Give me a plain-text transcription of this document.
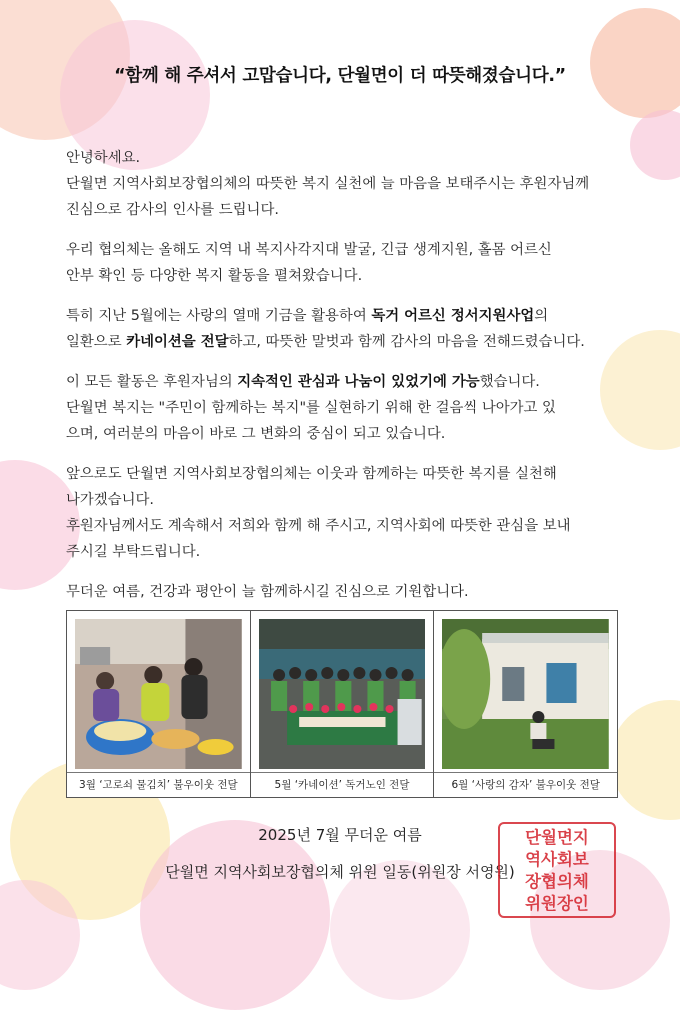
“함께 해 주셔서 고맙습니다, 단월면이 더 따뜻해졌습니다.”

안녕하세요.

단월면 지역사회보장협의체의 따뜻한 복지 실천에 늘 마음을 보태주시는 후원자님께
진심으로 감사의 인사를 드립니다.

우리 협의체는 올해도 지역 내 복지사각지대 발굴, 긴급 생계지원, 홀몸 어르신
안부 확인 등 다양한 복지 활동을 펼쳐왔습니다.

특히 지난 5월에는 사랑의 열매 기금을 활용하여 독거 어르신 정서지원사업의
일환으로 카네이션을 전달하고, 따뜻한 말벗과 함께 감사의 마음을 전해드렸습니다.

이 모든 활동은 후원자님의 지속적인 관심과 나눔이 있었기에 가능했습니다.
단월면 복지는 "주민이 함께하는 복지"를 실현하기 위해 한 걸음씩 나아가고 있
으며, 여러분의 마음이 바로 그 변화의 중심이 되고 있습니다.

앞으로도 단월면 지역사회보장협의체는 이웃과 함께하는 따뜻한 복지를 실천해
나가겠습니다.
후원자님께서도 계속해서 저희와 함께 해 주시고, 지역사회에 따뜻한 관심을 보내
주시길 부탁드립니다.

무더운 여름, 건강과 평안이 늘 함께하시길 진심으로 기원합니다.

3월 ‘고로쇠 물김치’ 불우이웃 전달	5월 ‘카네이션’ 독거노인 전달	6월 ‘사랑의 감자’ 불우이웃 전달
2025년 7월 무더운 여름
단월면 지역사회보장협의체 위원 일동(위원장 서영원)
단월면지
역사회보
장협의체
위원장인
